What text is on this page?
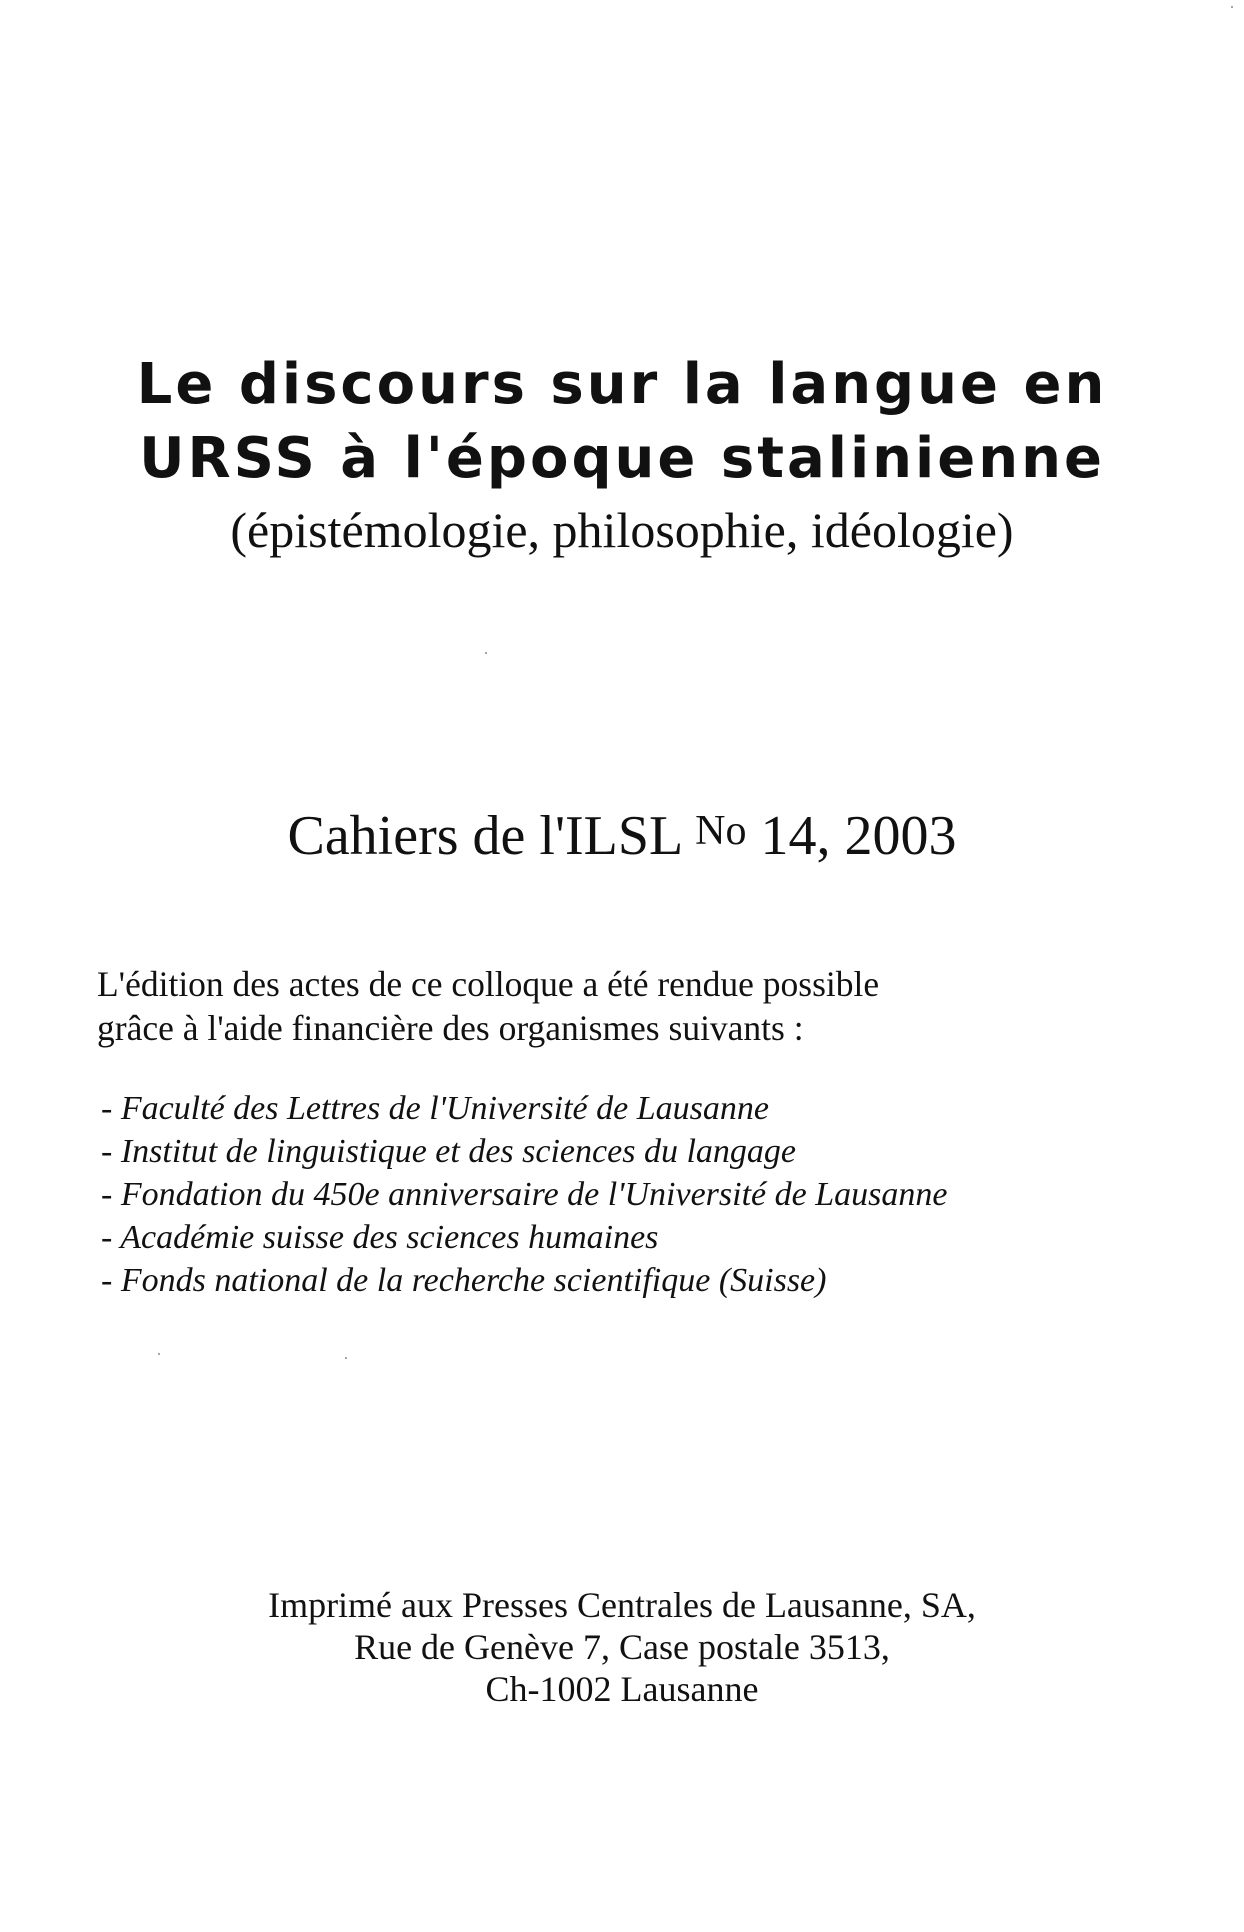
Le discours sur la langue en
URSS à l'époque stalinienne
(épistémologie, philosophie, idéologie)
Cahiers de l'ILSL No 14, 2003

L'édition des actes de ce colloque a été rendue possible

grâce à l'aide financière des organismes suivants :

- Faculté des Lettres de l'Université de Lausanne
- Institut de linguistique et des sciences du langage
- Fondation du 450e anniversaire de l'Université de Lausanne
- Académie suisse des sciences humaines
- Fonds national de la recherche scientifique (Suisse)
Imprimé aux Presses Centrales de Lausanne, SA,
Rue de Genève 7, Case postale 3513,
Ch-1002 Lausanne
